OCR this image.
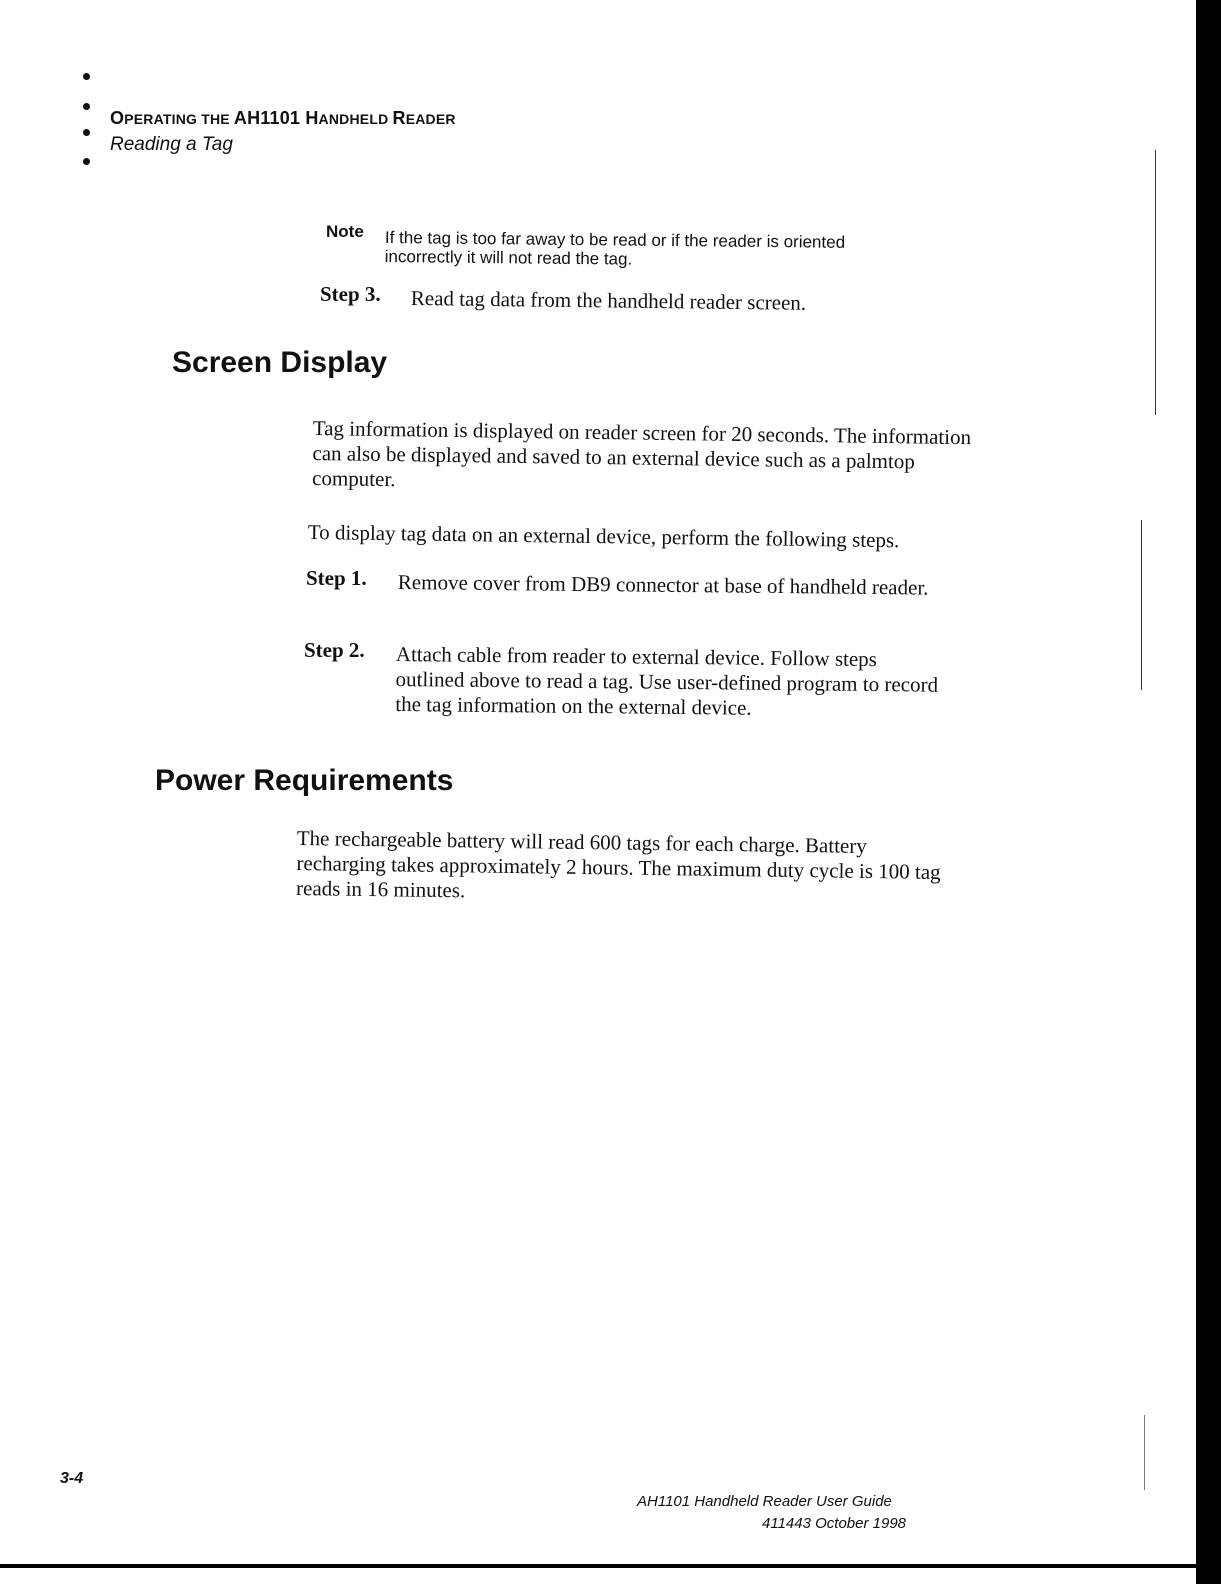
OPERATING THE AH1101 HANDHELD READER
Reading a Tag
Note If the tag is too far away to be read or if the reader is oriented incorrectly it will not read the tag.
Step 3. Read tag data from the handheld reader screen.
Screen Display
Tag information is displayed on reader screen for 20 seconds. The information can also be displayed and saved to an external device such as a palmtop computer.
To display tag data on an external device, perform the following steps.
Step 1. Remove cover from DB9 connector at base of handheld reader.
Step 2. Attach cable from reader to external device. Follow steps outlined above to read a tag. Use user-defined program to record the tag information on the external device.
Power Requirements
The rechargeable battery will read 600 tags for each charge. Battery recharging takes approximately 2 hours. The maximum duty cycle is 100 tag reads in 16 minutes.
3-4
AH1101 Handheld Reader User Guide
411443 October 1998
